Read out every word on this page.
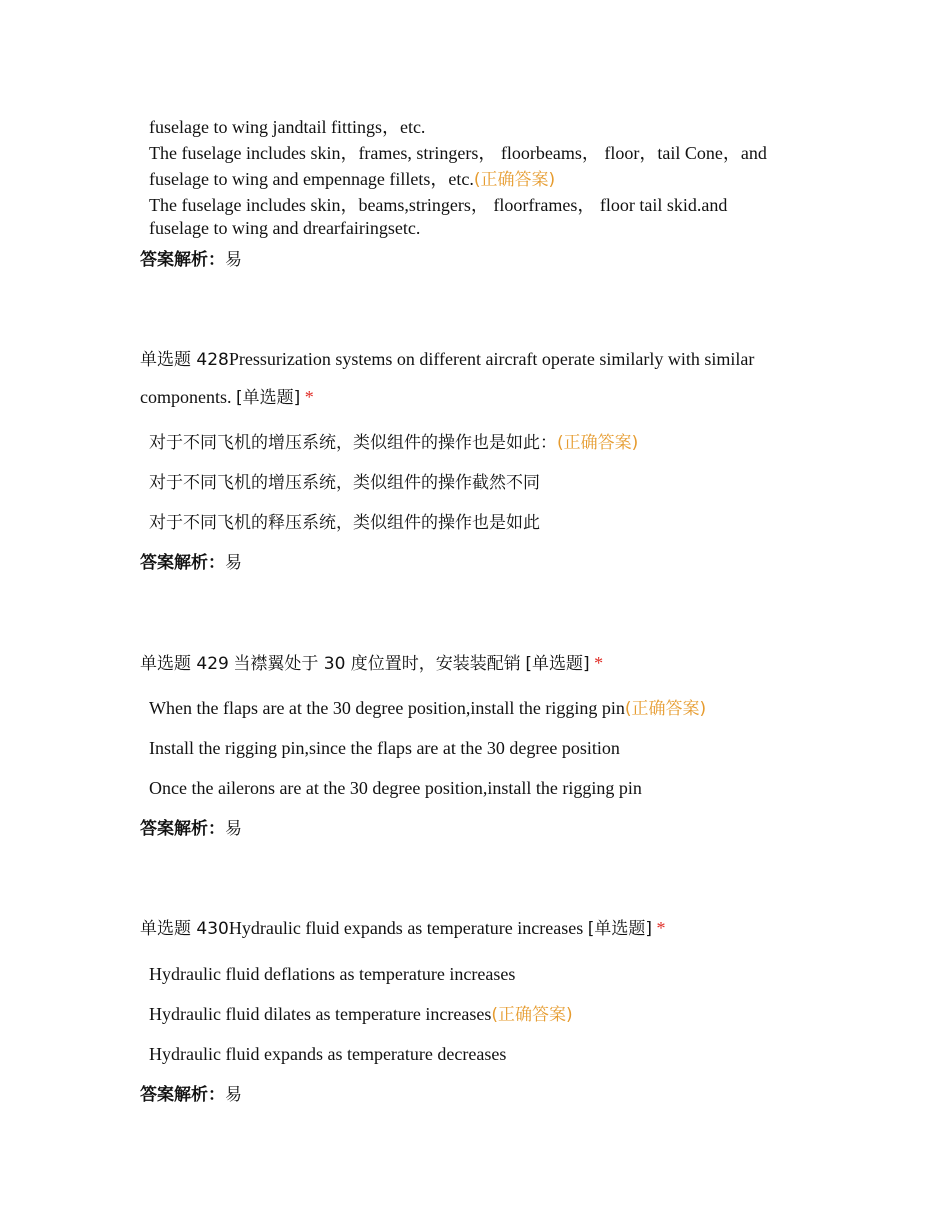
fuselage to wing jandtail fittings，etc.
The fuselage includes skin，frames, stringers， floorbeams， floor，tail Cone，and
fuselage to wing and empennage fillets，etc.(正确答案)
The fuselage includes skin，beams,stringers， floorframes， floor tail skid.and
fuselage to wing and drearfairingsetc.
答案解析：易
单选题 428Pressurization systems on different aircraft operate similarly with similar
components. [单选题] *
对于不同飞机的增压系统，类似组件的操作也是如此：(正确答案)
对于不同飞机的增压系统，类似组件的操作截然不同
对于不同飞机的释压系统，类似组件的操作也是如此
答案解析：易
单选题 429 当襟翼处于 30 度位置时，安装装配销 [单选题] *
When the flaps are at the 30 degree position,install the rigging pin(正确答案)
Install the rigging pin,since the flaps are at the 30 degree position
Once the ailerons are at the 30 degree position,install the rigging pin
答案解析：易
单选题 430Hydraulic fluid expands as temperature increases [单选题] *
Hydraulic fluid deflations as temperature increases
Hydraulic fluid dilates as temperature increases(正确答案)
Hydraulic fluid expands as temperature decreases
答案解析：易
